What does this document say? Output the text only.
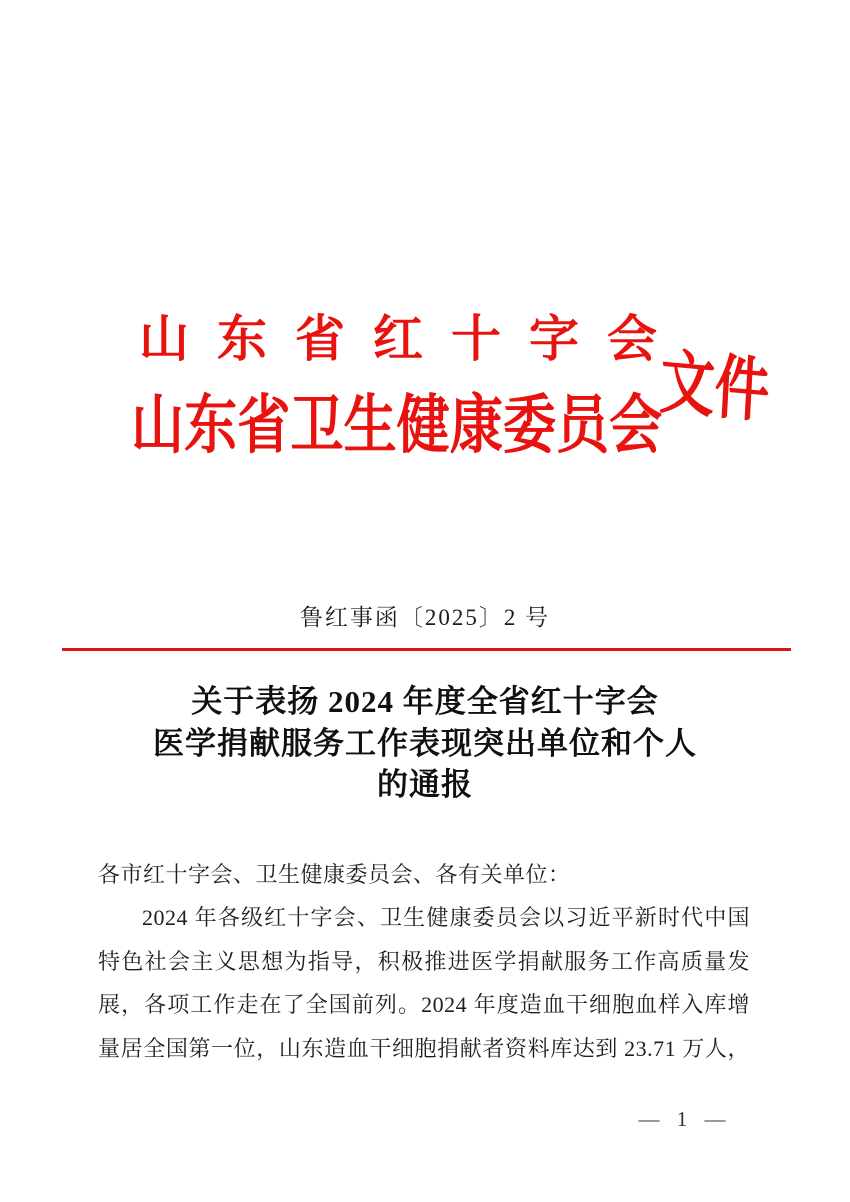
山东省红十字会
山东省卫生健康委员会
文件
鲁红事函〔2025〕2 号
关于表扬 2024 年度全省红十字会
医学捐献服务工作表现突出单位和个人
的通报
各市红十字会、卫生健康委员会、各有关单位：
2024 年各级红十字会、卫生健康委员会以习近平新时代中国
特色社会主义思想为指导，积极推进医学捐献服务工作高质量发
展，各项工作走在了全国前列。2024 年度造血干细胞血样入库增
量居全国第一位，山东造血干细胞捐献者资料库达到 23.71 万人，
— 1 —
